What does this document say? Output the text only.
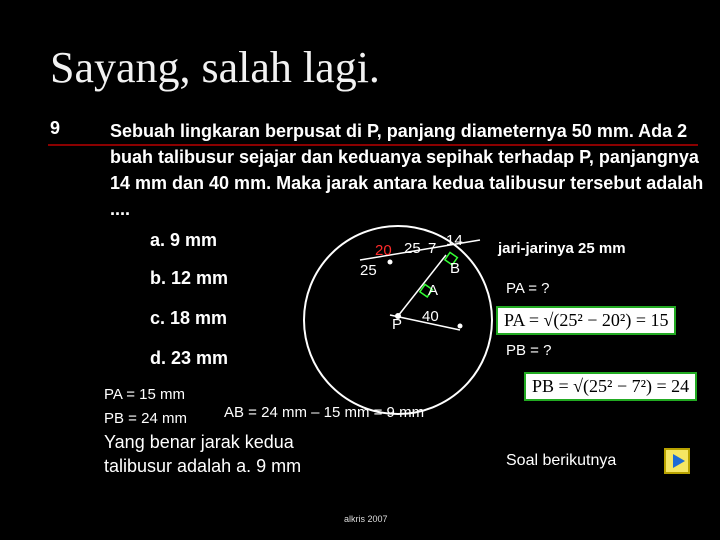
Sayang, salah lagi.
9	Sebuah lingkaran berpusat di P, panjang diameternya 50 mm. Ada 2 buah talibusur sejajar dan keduanya sepihak terhadap P, panjangnya 14 mm dan 40 mm. Maka jarak antara kedua talibusur tersebut adalah ....
a. 9 mm
b. 12 mm
c. 18 mm
d. 23 mm
20 25 7 14
25	B
A
P 40
jari-jarinya 25 mm
PA = ?
PA = √(25² − 20²) = 15
PB = ?
PB = √(25² − 7²) = 24
PA = 15 mm
PB = 24 mm AB = 24 mm – 15 mm = 9 mm
Yang benar jarak kedua
talibusur adalah a. 9 mm	Soal berikutnya
alkris 2007
